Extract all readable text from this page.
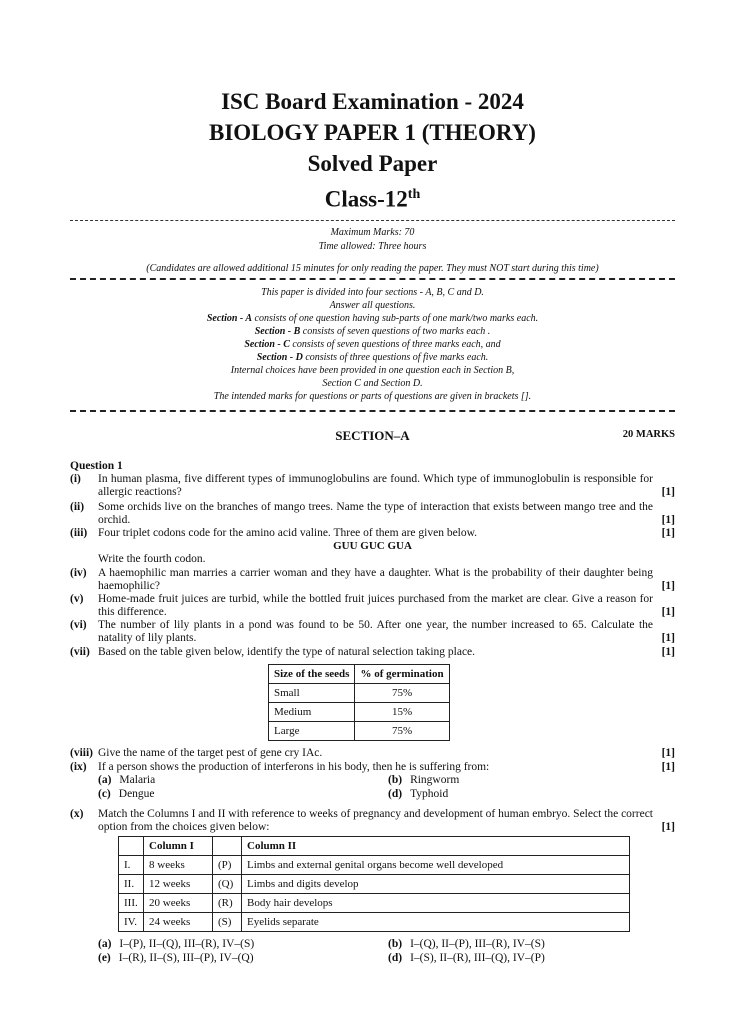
ISC Board Examination - 2024
BIOLOGY PAPER 1 (THEORY)
Solved Paper
Class-12th
Maximum Marks: 70
Time allowed: Three hours
(Candidates are allowed additional 15 minutes for only reading the paper. They must NOT start during this time)
This paper is divided into four sections - A, B, C and D.
Answer all questions.
Section - A consists of one question having sub-parts of one mark/two marks each.
Section - B consists of seven questions of two marks each .
Section - C consists of seven questions of three marks each, and
Section - D consists of three questions of five marks each.
Internal choices have been provided in one question each in Section B,
Section C and Section D.
The intended marks for questions or parts of questions are given in brackets [].
SECTION–A	20 MARKS
Question 1
(i)	In human plasma, five different types of immunoglobulins are found. Which type of immunoglobulin is responsible for allergic reactions?	[1]
(ii)	Some orchids live on the branches of mango trees. Name the type of interaction that exists between mango tree and the orchid.	[1]
(iii) Four triplet codons code for the amino acid valine. Three of them are given below.	[1]
(iv) A haemophilic man marries a carrier woman and they have a daughter. What is the probability of their daughter being haemophilic?	[1]
(v)	Home-made fruit juices are turbid, while the bottled fruit juices purchased from the market are clear. Give a reason for this difference.	[1]
(vi) The number of lily plants in a pond was found to be 50. After one year, the number increased to 65. Calculate the natality of lily plants.	[1]
(vii) Based on the table given below, identify the type of natural selection taking place.	[1]
(viii) Give the name of the target pest of gene cry IAc.	[1]
(ix) If a person shows the production of interferons in his body, then he is suffering from:	[1]
(x)	Match the Columns I and II with reference to weeks of pregnancy and development of human embryo. Select the correct option from the choices given below:	[1]
GUU GUC GUA
Write the fourth codon.
Size of the seeds	% of germination
Small	75%
Medium	15%
Large	75%
(a) Malaria	(b) Ringworm
(c) Dengue	(d) Typhoid
	Column I		Column II
I.	8 weeks	(P)	Limbs and external genital organs become well developed
II.	12 weeks	(Q)	Limbs and digits develop
III.	20 weeks	(R)	Body hair develops
IV.	24 weeks	(S)	Eyelids separate
(a) I–(P), II–(Q), III–(R), IV–(S)	(b) I–(Q), II–(P), III–(R), IV–(S)
(e) I–(R), II–(S), III–(P), IV–(Q)	(d) I–(S), II–(R), III–(Q), IV–(P)
